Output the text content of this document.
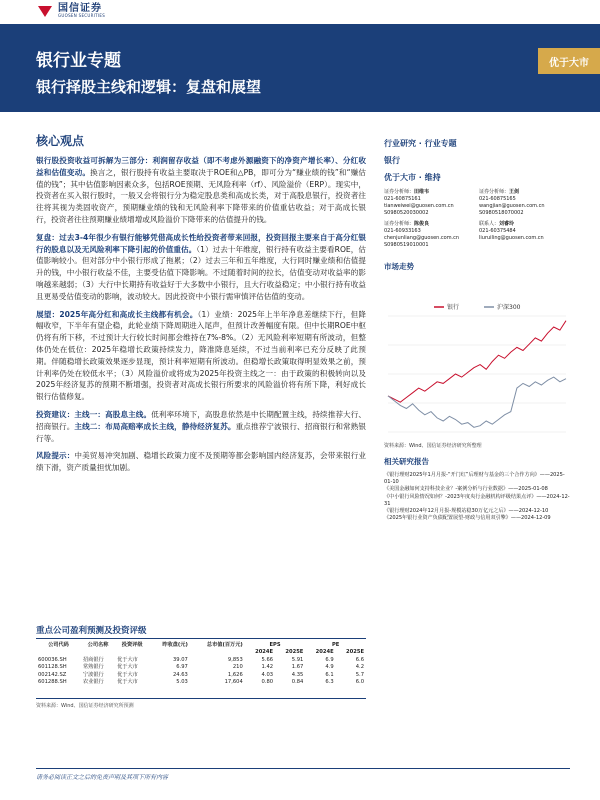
国信证券
GUOSEN SECURITIES
银行业专题
银行择股主线和逻辑：复盘和展望
优于大市
核心观点

银行股投资收益可拆解为三部分：利润留存收益（即不考虑外源融资下的净资产增长率）、分红收益和估值变动。换言之，银行股持有收益主要取决于ROE和△PB，即可分为“赚业绩的钱”和“赚估值的钱”；其中估值影响因素众多，包括ROE预期、无风险利率（rf）、风险溢价（ERP）。现实中，投资者在买入银行股时，一般又会将银行分为稳定股息类和高成长类，对于高股息银行，投资者往往将其视为类固收资产，预期赚业绩的钱和无风险利率下降带来的价值重估收益；对于高成长银行，投资者往往预期赚业绩增增或风险溢价下降带来的估值提升的钱。

复盘：过去3-4年很少有银行能够凭借高成长性给投资者带来回报，投资回报主要来自于高分红银行的股息以及无风险利率下降引起的价值重估。（1）过去十年维度，银行持有收益主要看ROE，估值影响较小。但对部分中小银行形成了拖累；（2）过去三年和五年维度，大行同时赚业绩和估值提升的钱，中小银行收益不佳，主要受估值下降影响。不过随着时间的拉长，估值变动对收益率的影响越来越弱；（3）大行中长期持有收益好于大多数中小银行，且大行收益稳定；中小银行持有收益且更易受估值变动的影响，波动较大。因此投资中小银行需审慎评估估值的变动。

展望：2025年高分红和高成长主线都有机会。（1）业绩：2025年上半年净息差继续下行，但降幅收窄，下半年有望企稳，此轮业绩下降周期进入尾声，但预计改善幅度有限。但中长期ROE中枢仍将有所下移，不过预计大行较长时间都会维持在7%-8%。（2）无风险利率短期有所波动，但整体仍处在低位：2025年稳增长政策持续发力，降准降息延续，不过当前利率已充分反映了此预期。伴随稳增长政策效果逐步显现，预计利率短期有所波动。但稳增长政策取得明显效果之前，预计利率仍处在较低水平；（3）风险溢价或将成为2025年投资主线之一：由于政策的积极转向以及2025年经济复苏的预期不断增强，投资者对高成长银行所要求的风险溢价将有所下降，利好成长银行估值修复。

投资建议：主线一：高股息主线。低利率环境下，高股息依然是中长期配置主线，持续推荐大行、招商银行。主线二：布局高赔率成长主线，静待经济复苏。重点推荐宁波银行、招商银行和常熟银行等。

风险提示：中美贸易冲突加剧、稳增长政策力度不及预期等都会影响国内经济复苏，会带来银行业绩下滑，资产质量担忧加剧。

重点公司盈利预测及投资评级
公司代码	公司名称	投资评级	昨收盘(元)	总市值(百万元)	EPS		PE	
					2024E	2025E	2024E	2025E
600036.SH	招商银行	优于大市	39.07	9,853	5.66	5.91	6.9	6.6
601128.SH	常熟银行	优于大市	6.97	210	1.42	1.67	4.9	4.2
002142.SZ	宁波银行	优于大市	24.63	1,626	4.03	4.35	6.1	5.7
601288.SH	农业银行	优于大市	5.03	17,604	0.80	0.84	6.3	6.0
资料来源：Wind、国信证券经济研究所预测
行业研究 · 行业专题
银行
优于大市 · 维持
证券分析师：田维韦
021-60875161
tianweiwei@guosen.com.cn
S0980520030002
证券分析师：王剑
021-60875165
wangjian@guosen.com.cn
S0980518070002
证券分析师：陈俊良
021-60933163
chenjunliang@guosen.com.cn
S0980519010001
联系人：刘睿玲
021-60375484
liuruiling@guosen.com.cn
市场走势
银行	沪深300
资料来源：Wind、国信证券经济研究所整理
相关研究报告
《银行理财2025年1月月报-“开门红”后理财与基金的三个合作方向》——2025-01-10
《美国金融如何支持科技企业？-案例分析与行业数据》——2025-01-08
《中小银行风险情况如何？-2023年度央行金融机构评级结果点评》——2024-12-31
《银行理财2024年12月月报-规模站稳30万亿元之后》——2024-12-10
《2025年银行业资产负债配置展望-财政与信用双引擎》——2024-12-09
请务必阅读正文之后的免责声明及其项下所有内容
